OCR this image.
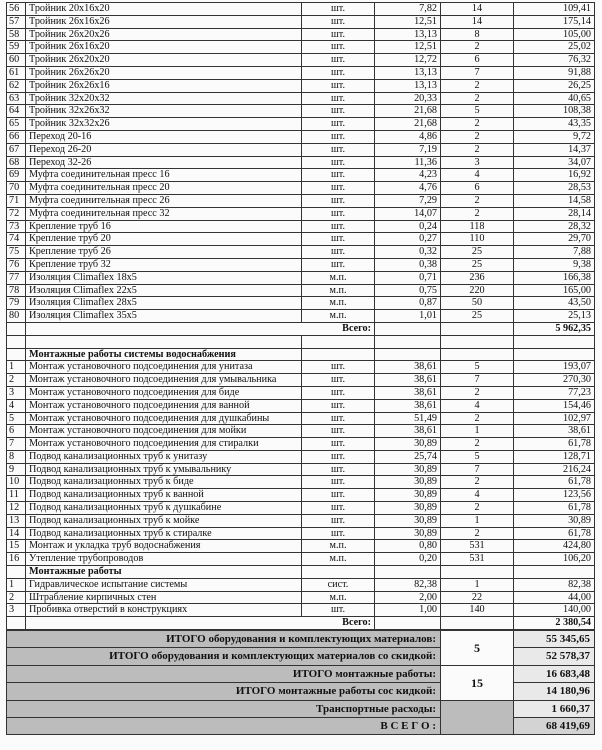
56	Тройник 20х16х20	шт.	7,82	14	109,41
57	Тройник 26х16х26	шт.	12,51	14	175,14
58	Тройник 26х20х26	шт.	13,13	8	105,00
59	Тройник 26х16х20	шт.	12,51	2	25,02
60	Тройник 26х20х20	шт.	12,72	6	76,32
61	Тройник 26х26х20	шт.	13,13	7	91,88
62	Тройник 26х26х16	шт.	13,13	2	26,25
63	Тройник 32х20х32	шт.	20,33	2	40,65
64	Тройник 32х26х32	шт.	21,68	5	108,38
65	Тройник 32х32х26	шт.	21,68	2	43,35
66	Переход 20-16	шт.	4,86	2	9,72
67	Переход 26-20	шт.	7,19	2	14,37
68	Переход 32-26	шт.	11,36	3	34,07
69	Муфта соединительная пресс 16	шт.	4,23	4	16,92
70	Муфта соединительная пресс 20	шт.	4,76	6	28,53
71	Муфта соединительная пресс 26	шт.	7,29	2	14,58
72	Муфта соединительная пресс 32	шт.	14,07	2	28,14
73	Крепление труб 16	шт.	0,24	118	28,32
74	Крепление труб 20	шт.	0,27	110	29,70
75	Крепление труб 26	шт.	0,32	25	7,88
76	Крепление труб 32	шт.	0,38	25	9,38
77	Изоляция Climaflex 18х5	м.п.	0,71	236	166,38
78	Изоляция Climaflex 22х5	м.п.	0,75	220	165,00
79	Изоляция Climaflex 28х5	м.п.	0,87	50	43,50
80	Изоляция Climaflex 35х5	м.п.	1,01	25	25,13
	Всего:				5 962,35

	Монтажные работы системы водоснабжения				
1	Монтаж установочного подсоединения для унитаза	шт.	38,61	5	193,07
2	Монтаж установочного подсоединения для умывальника	шт.	38,61	7	270,30
3	Монтаж установочного подсоединения для биде	шт.	38,61	2	77,23
4	Монтаж установочного подсоединения для ванной	шт.	38,61	4	154,46
5	Монтаж установочного подсоединения для душкабины	шт.	51,49	2	102,97
6	Монтаж установочного подсоединения для мойки	шт.	38,61	1	38,61
7	Монтаж установочного подсоединения для стиралки	шт.	30,89	2	61,78
8	Подвод канализационных труб к унитазу	шт.	25,74	5	128,71
9	Подвод канализационных труб к умывальнику	шт.	30,89	7	216,24
10	Подвод канализационных труб к биде	шт.	30,89	2	61,78
11	Подвод канализационных труб к ванной	шт.	30,89	4	123,56
12	Подвод канализационных труб к душкабине	шт.	30,89	2	61,78
13	Подвод канализационных труб к мойке	шт.	30,89	1	30,89
14	Подвод канализационных труб к стиралке	шт.	30,89	2	61,78
15	Монтаж и укладка труб водоснабжения	м.п.	0,80	531	424,80
16	Утепление трубопроводов	м.п.	0,20	531	106,20
	Монтажные работы				
1	Гидравлическое испытание системы	сист.	82,38	1	82,38
2	Штрабление кирпичных стен	м.п.	2,00	22	44,00
3	Пробивка отверстий в конструкциях	шт.	1,00	140	140,00
	Всего:				2 380,54
ИТОГО оборудования и комплектующих материалов:	5	55 345,65
ИТОГО оборудования и комплектующих материалов со скидкой:		52 578,37
ИТОГО монтажные работы:	15	16 683,48
ИТОГО монтажные работы сос кидкой:		14 180,96
Транспортные расходы:		1 660,37
В С Е Г О :		68 419,69
